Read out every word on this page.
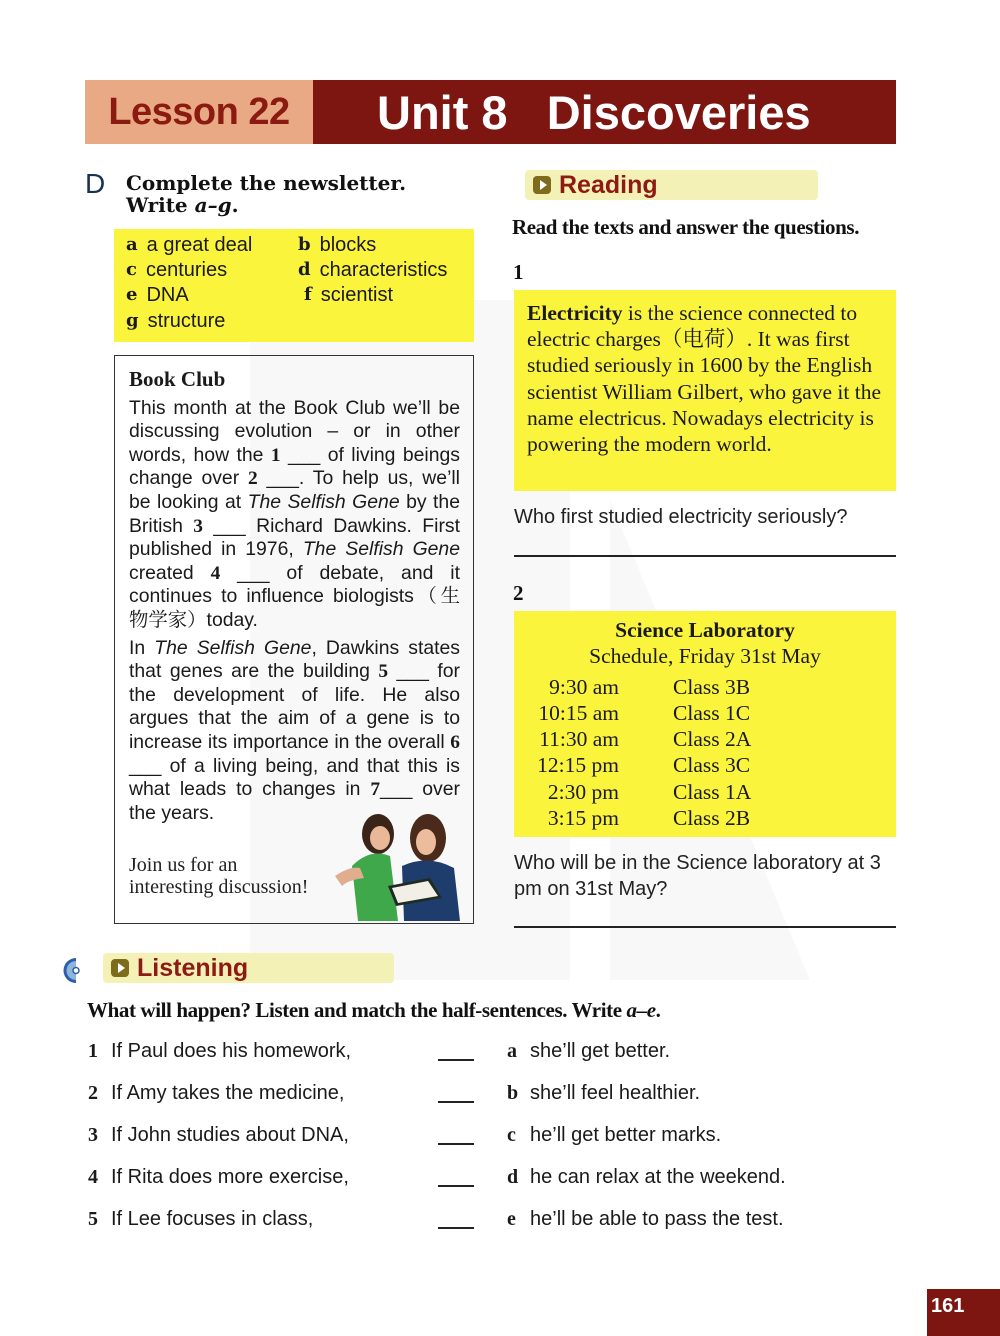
Lesson 22	Unit 8   Discoveries
D Complete the newsletter.
Write a–g.
a a great deal	b blocks
c centuries	d characteristics
e DNA	f scientist
g structure
Book Club

This month at the Book Club we’ll be discussing evolution – or in other words, how the 1 ___ of living beings change over 2 ___. To help us, we’ll be looking at The Selfish Gene by the British 3 ___ Richard Dawkins. First published in 1976, The Selfish Gene created 4 ___ of debate, and it continues to influence biologists（生物学家）today.

In The Selfish Gene, Dawkins states that genes are the building 5 ___ for the development of life. He also argues that the aim of a gene is to increase its importance in the overall 6 ___ of a living being, and that this is what leads to changes in 7___ over the years.

Join us for an
interesting discussion!
Reading
Read the texts and answer the questions.
1
Electricity is the science connected to electric charges（电荷）. It was first studied seriously in 1600 by the English scientist William Gilbert, who gave it the name electricus. Nowadays electricity is powering the modern world.
Who first studied electricity seriously?
2
Science Laboratory
Schedule, Friday 31st May
9:30 am	Class 3B
10:15 am	Class 1C
11:30 am	Class 2A
12:15 pm	Class 3C
2:30 pm	Class 1A
3:15 pm	Class 2B
Who will be in the Science laboratory at 3 pm on 31st May?
Listening
What will happen? Listen and match the half-sentences. Write a–e.
1 If Paul does his homework,	a she’ll get better.
2 If Amy takes the medicine,	b she’ll feel healthier.
3 If John studies about DNA,	c he’ll get better marks.
4 If Rita does more exercise,	d he can relax at the weekend.
5 If Lee focuses in class,	e he’ll be able to pass the test.
161
